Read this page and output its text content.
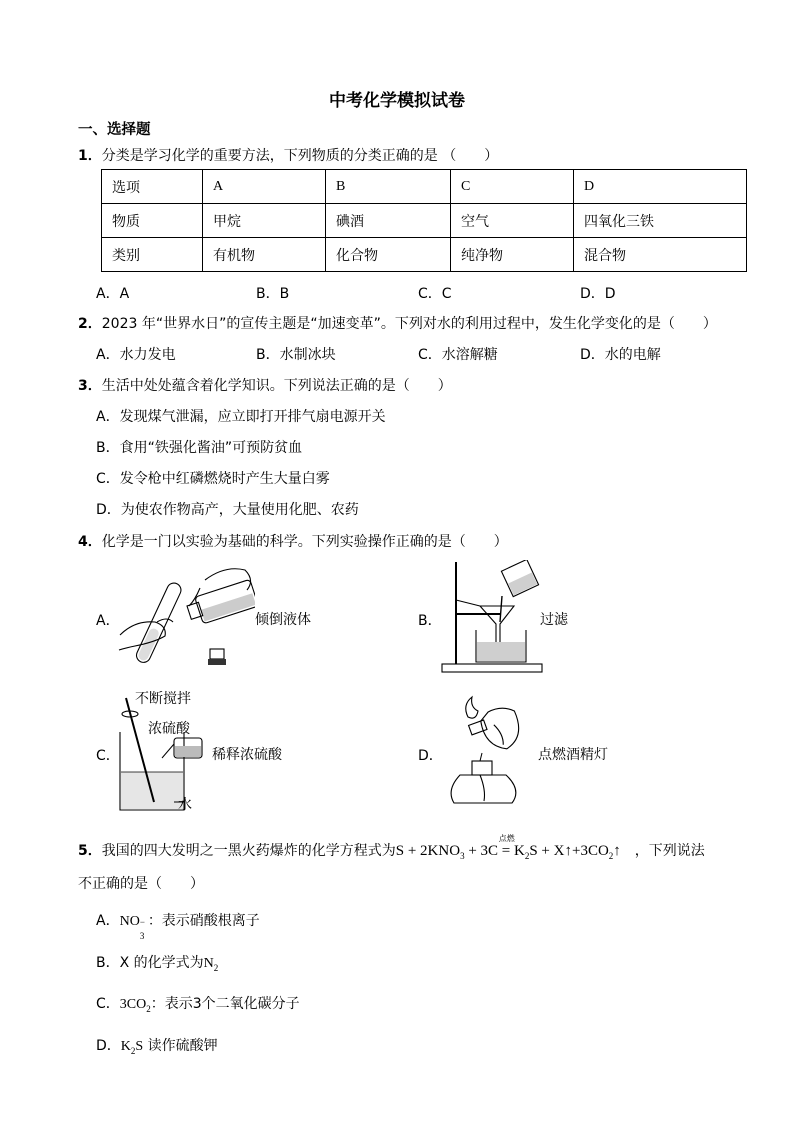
中考化学模拟试卷
一、选择题
1．分类是学习化学的重要方法，下列物质的分类正确的是 （　　）
选项	A	B	C	D
物质	甲烷	碘酒	空气	四氧化三铁
类别	有机物	化合物	纯净物	混合物
A．A	B．B	C．C	D．D
2．2023 年“世界水日”的宣传主题是“加速变革”。下列对水的利用过程中，发生化学变化的是（　　）
A．水力发电	B．水制冰块	C．水溶解糖	D．水的电解
3．生活中处处蕴含着化学知识。下列说法正确的是（　　）
A．发现煤气泄漏，应立即打开排气扇电源开关
B．食用“铁强化酱油”可预防贫血
C．发令枪中红磷燃烧时产生大量白雾
D．为使农作物高产，大量使用化肥、农药
4．化学是一门以实验为基础的科学。下列实验操作正确的是（　　）
A．	倾倒液体	B．	过滤
C．
不断搅拌
浓硫酸
水
稀释浓硫酸	D．	点燃酒精灯
5．我国的四大发明之一黑火药爆炸的化学方程式为$S + 2KNO_3 + 3C$
点燃
= $K_2S$ + $X↑+3CO_2↑$ ，下列说法
不正确的是（　　）
A．NO −
3
：表示硝酸根离子
B．X 的化学式为$N_2$
C．$3CO_2$：表示3个二氧化碳分子
D．$K_2S$ 读作硫酸钾
